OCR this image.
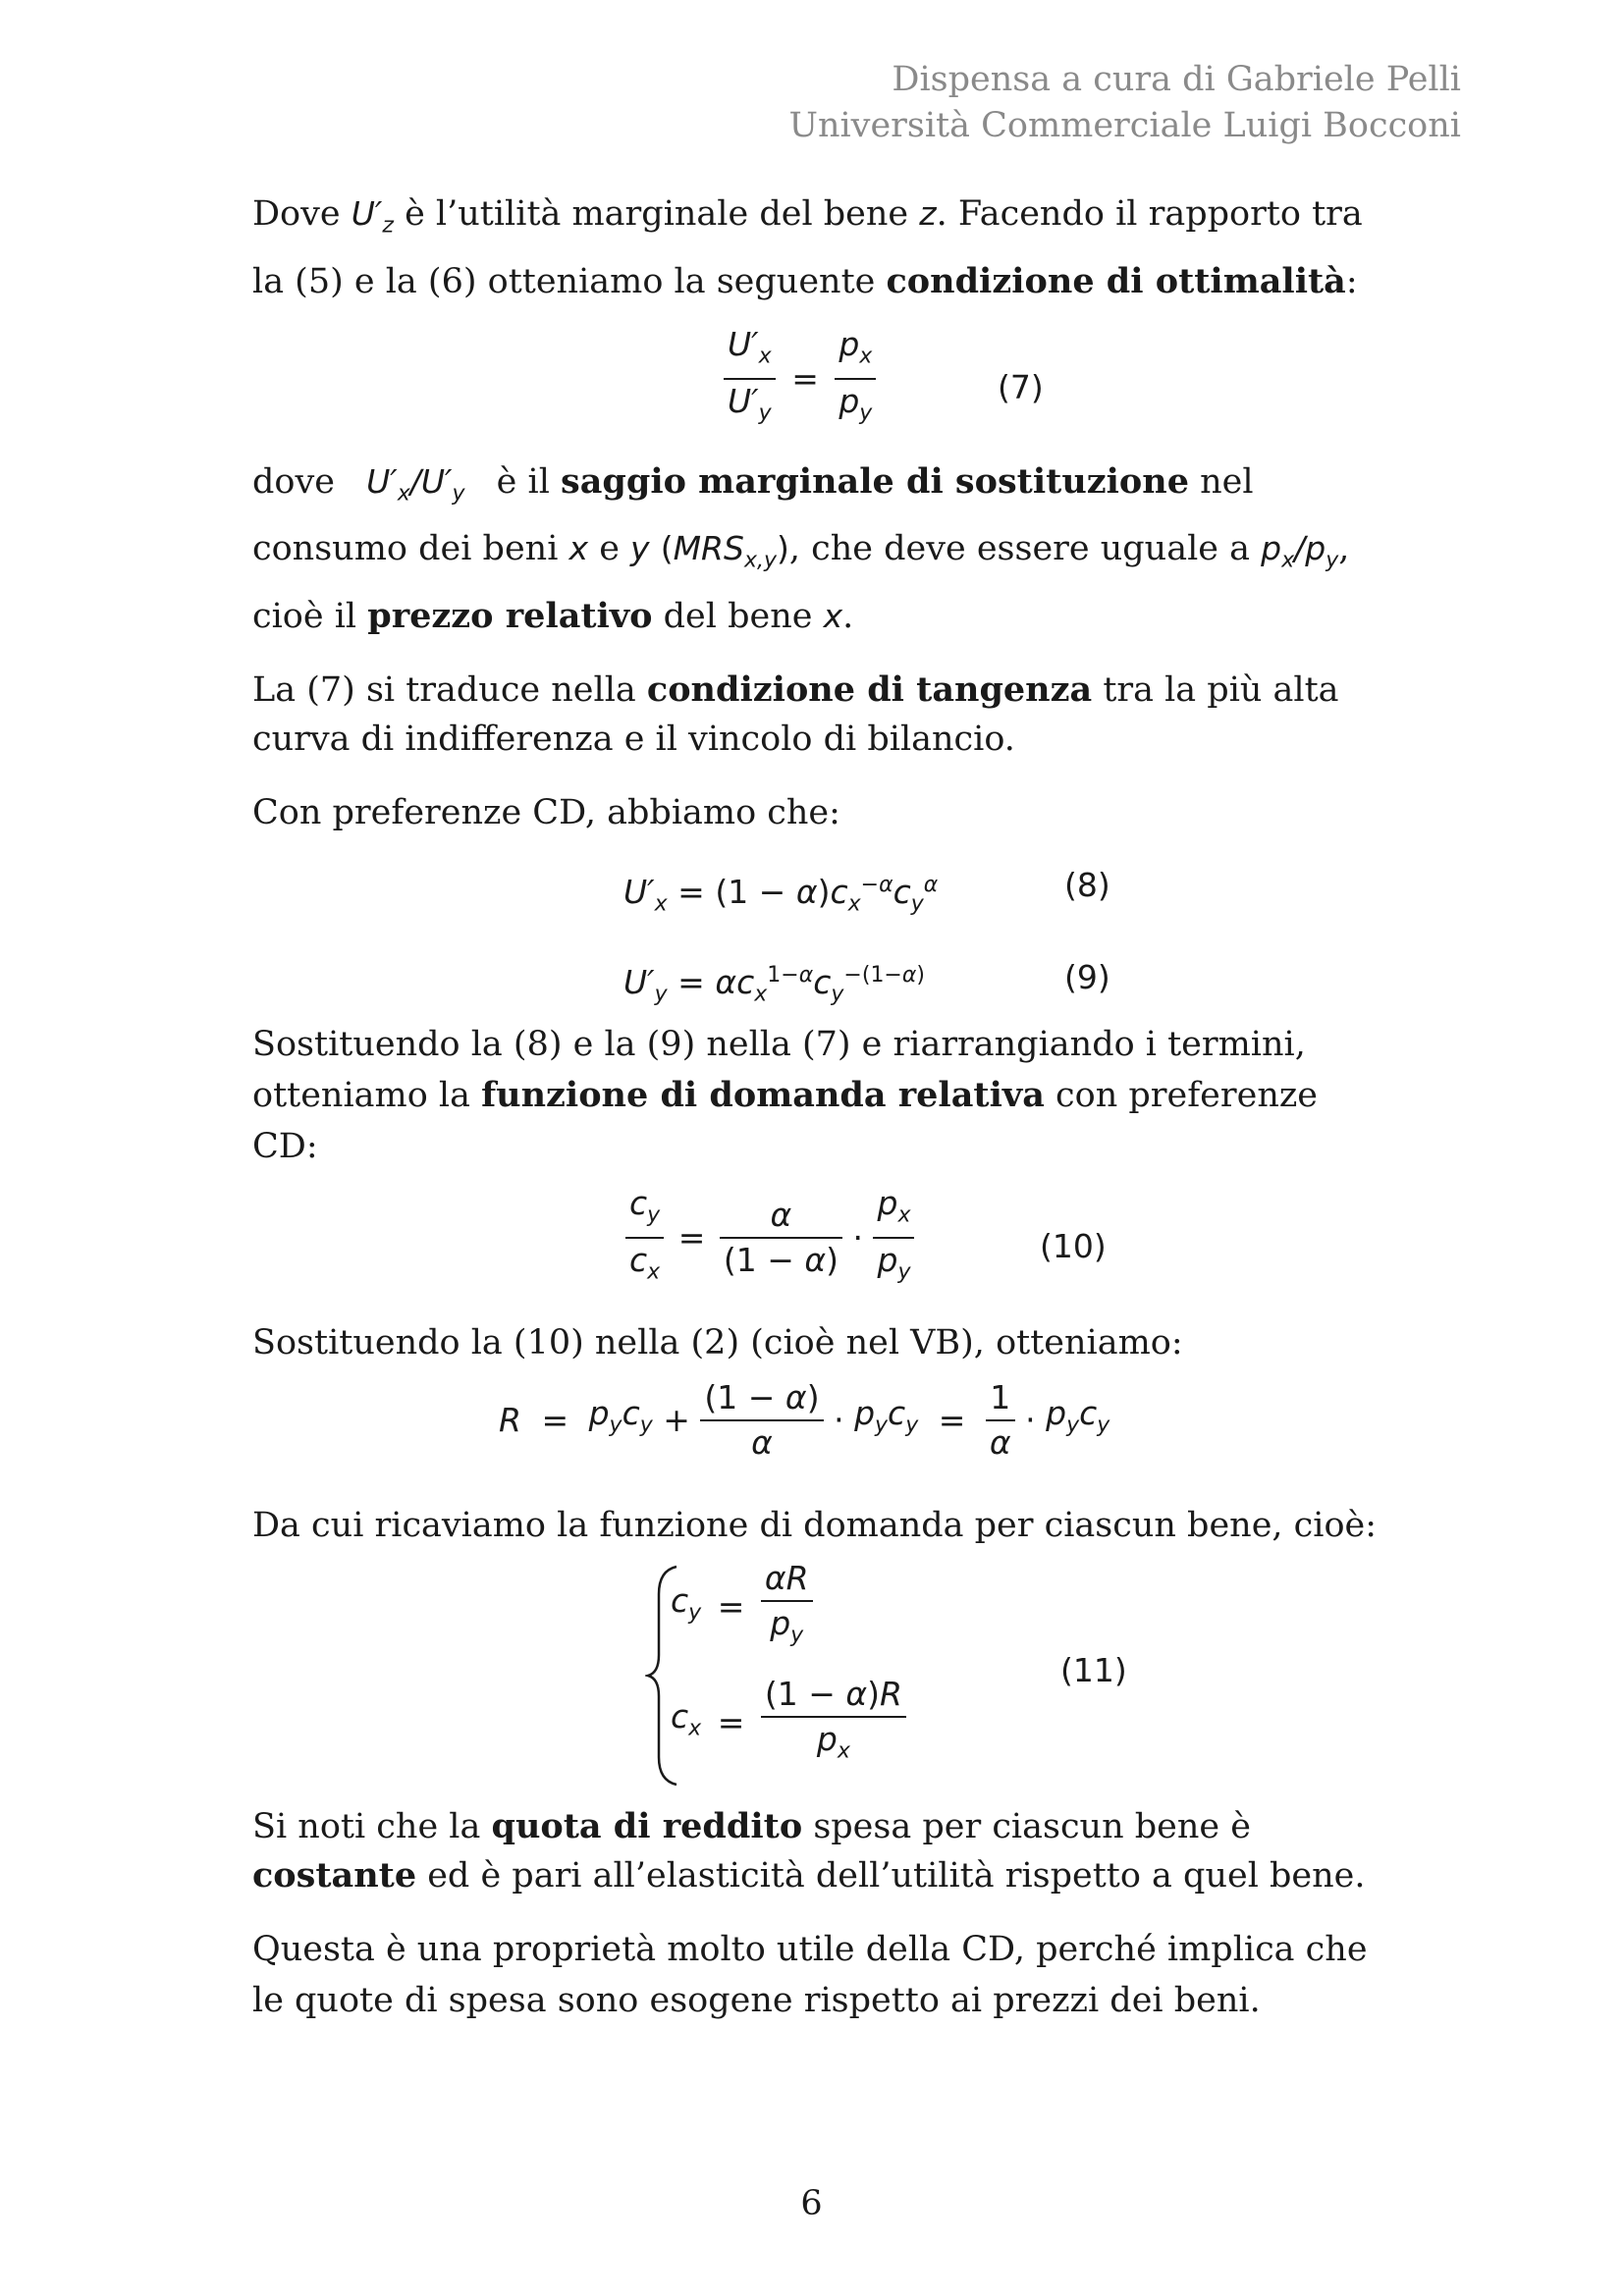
Dispensa a cura di Gabriele Pelli
Università Commerciale Luigi Bocconi

Dove $U'_z$ è l’utilità marginale del bene z. Facendo il rapporto tra la (5) e la (6) otteniamo la seguente condizione di ottimalità:

$\frac{U'_x}{U'_y} = \frac{p_x}{p_y}$	(7)

dove   $U'_x/U'_y$   è il saggio marginale di sostituzione nel consumo dei beni x e y $(MRS_{x,y})$, che deve essere uguale a $p_x/p_y$, cioè il prezzo relativo del bene x.

La (7) si traduce nella condizione di tangenza tra la più alta curva di indifferenza e il vincolo di bilancio.

Con preferenze CD, abbiamo che:

$U'_x = (1 - \alpha)c_x^{-\alpha}c_y^\alpha$	(8)
$U'_y = \alpha c_x^{1-\alpha}c_y^{-(1-\alpha)}$	(9)

Sostituendo la (8) e la (9) nella (7) e riarrangiando i termini, otteniamo la funzione di domanda relativa con preferenze CD:

$\frac{c_y}{c_x} = \frac{\alpha}{(1 - \alpha)} \cdot \frac{p_x}{p_y}$	(10)

Sostituendo la (10) nella (2) (cioè nel VB), otteniamo:

$R = p_yc_y + \frac{(1 - \alpha)}{\alpha} \cdot p_yc_y = \frac{1}{\alpha} \cdot p_yc_y$

Da cui ricaviamo la funzione di domanda per ciascun bene, cioè:

$c_y = \frac{\alpha R}{p_y}$
$c_x = \frac{(1 - \alpha)R}{p_x}$
(11)

Si noti che la quota di reddito spesa per ciascun bene è costante ed è pari all’elasticità dell’utilità rispetto a quel bene.

Questa è una proprietà molto utile della CD, perché implica che le quote di spesa sono esogene rispetto ai prezzi dei beni.

6
